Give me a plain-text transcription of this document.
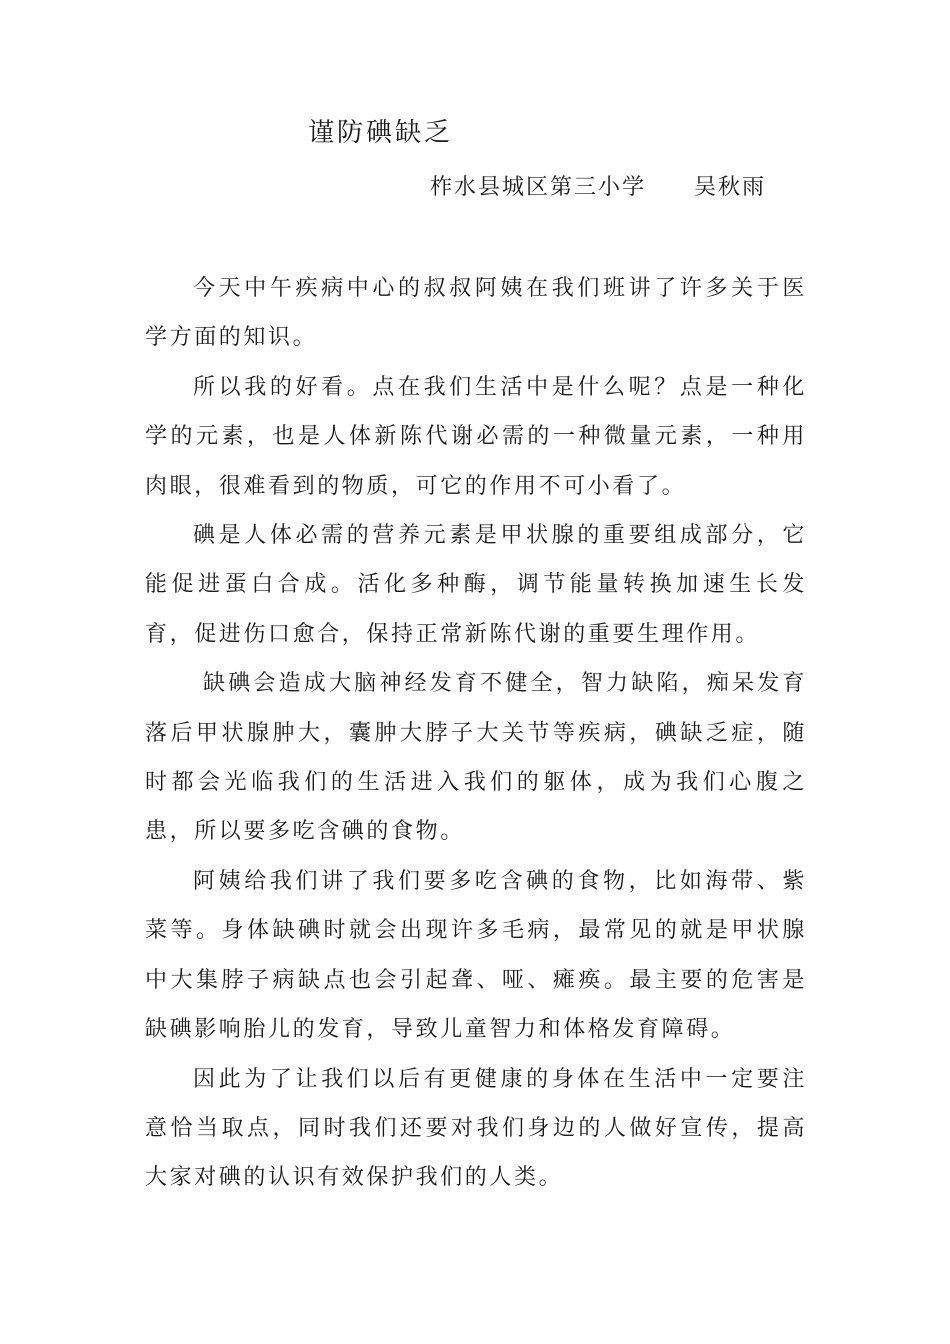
谨防碘缺乏
柞水县城区第三小学 吴秋雨

今天中午疾病中心的叔叔阿姨在我们班讲了许多关于医学方面的知识。

所以我的好看。点在我们生活中是什么呢？点是一种化学的元素，也是人体新陈代谢必需的一种微量元素，一种用肉眼，很难看到的物质，可它的作用不可小看了。

碘是人体必需的营养元素是甲状腺的重要组成部分，它能促进蛋白合成。活化多种酶，调节能量转换加速生长发育，促进伤口愈合，保持正常新陈代谢的重要生理作用。

缺碘会造成大脑神经发育不健全，智力缺陷，痴呆发育落后甲状腺肿大，囊肿大脖子大关节等疾病，碘缺乏症，随时都会光临我们的生活进入我们的躯体，成为我们心腹之患，所以要多吃含碘的食物。

阿姨给我们讲了我们要多吃含碘的食物，比如海带、紫菜等。身体缺碘时就会出现许多毛病，最常见的就是甲状腺中大集脖子病缺点也会引起聋、哑、瘫痪。最主要的危害是缺碘影响胎儿的发育，导致儿童智力和体格发育障碍。

因此为了让我们以后有更健康的身体在生活中一定要注意恰当取点，同时我们还要对我们身边的人做好宣传，提高大家对碘的认识有效保护我们的人类。
